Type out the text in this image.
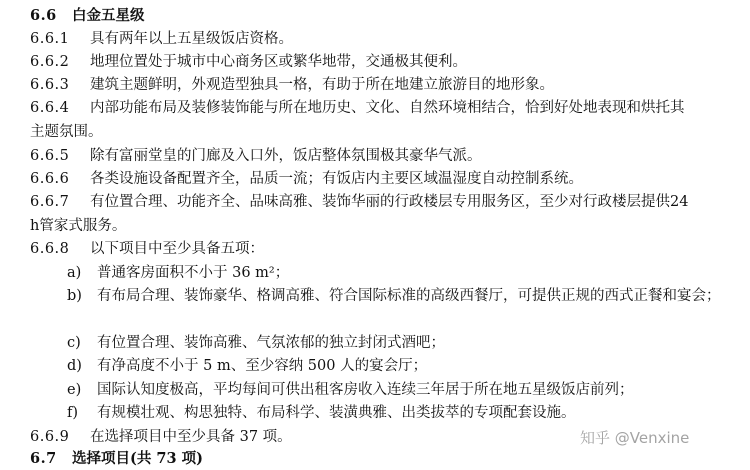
6.6 白金五星级
6.6.1 具有两年以上五星级饭店资格。
6.6.2 地理位置处于城市中心商务区或繁华地带，交通极其便利。
6.6.3 建筑主题鲜明，外观造型独具一格，有助于所在地建立旅游目的地形象。
6.6.4	内部功能布局及装修装饰能与所在地历史、文化、自然环境相结合，恰到好处地表现和烘托其主题氛围。
6.6.5 除有富丽堂皇的门廊及入口外，饭店整体氛围极其豪华气派。
6.6.6 各类设施设备配置齐全，品质一流；有饭店内主要区域温湿度自动控制系统。
6.6.7	有位置合理、功能齐全、品味高雅、装饰华丽的行政楼层专用服务区，至少对行政楼层提供24 h管家式服务。
6.6.8 以下项目中至少具备五项：
a) 普通客房面积不小于 36 m²；
b) 有布局合理、装饰豪华、格调高雅、符合国际标准的高级西餐厅，可提供正规的西式正餐和宴会；
c) 有位置合理、装饰高雅、气氛浓郁的独立封闭式酒吧；
d) 有净高度不小于 5 m、至少容纳 500 人的宴会厅；
e) 国际认知度极高，平均每间可供出租客房收入连续三年居于所在地五星级饭店前列；
f) 有规模壮观、构思独特、布局科学、装潢典雅、出类拔萃的专项配套设施。
6.6.9 在选择项目中至少具备 37 项。
6.7 选择项目(共 73 项)
知乎 @Venxine
